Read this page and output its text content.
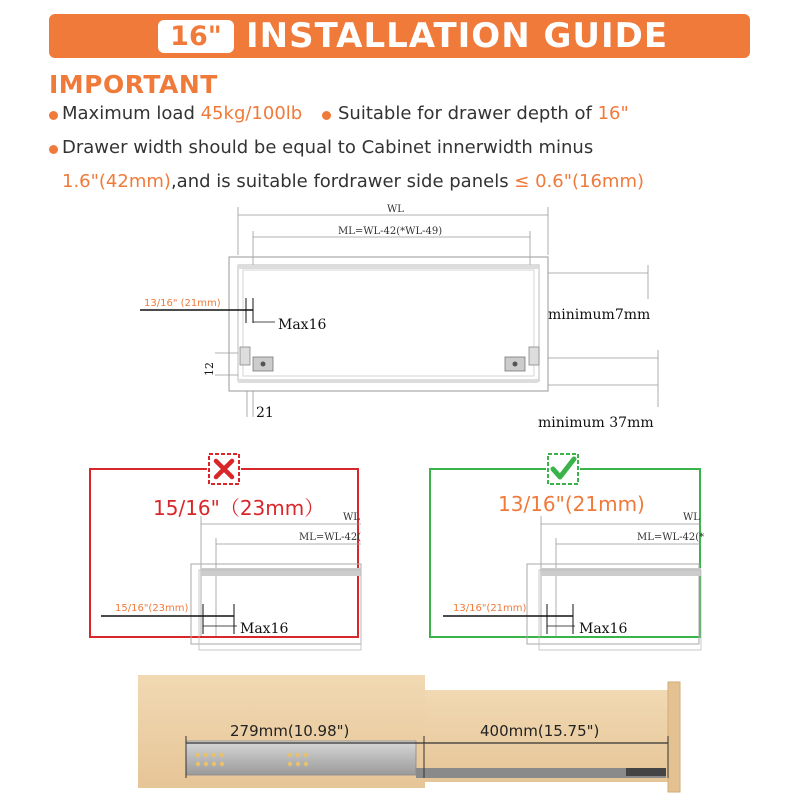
16" INSTALLATION GUIDE
IMPORTANT
Maximum load 45kg/100lb Suitable for drawer depth of 16"
Drawer width should be equal to Cabinet innerwidth minus
1.6"(42mm),and is suitable fordrawer side panels ≤ 0.6"(16mm)
WL
ML=WL-42(*WL-49)
13/16" (21mm)
Max16
minimum7mm
12
21
minimum 37mm
15/16"（23mm） WL
ML=WL-42(
15/16"(23mm)
Max16
13/16"(21mm)
WL
ML=WL-42(*
13/16"(21mm)
Max16
279mm(10.98")	400mm(15.75")
